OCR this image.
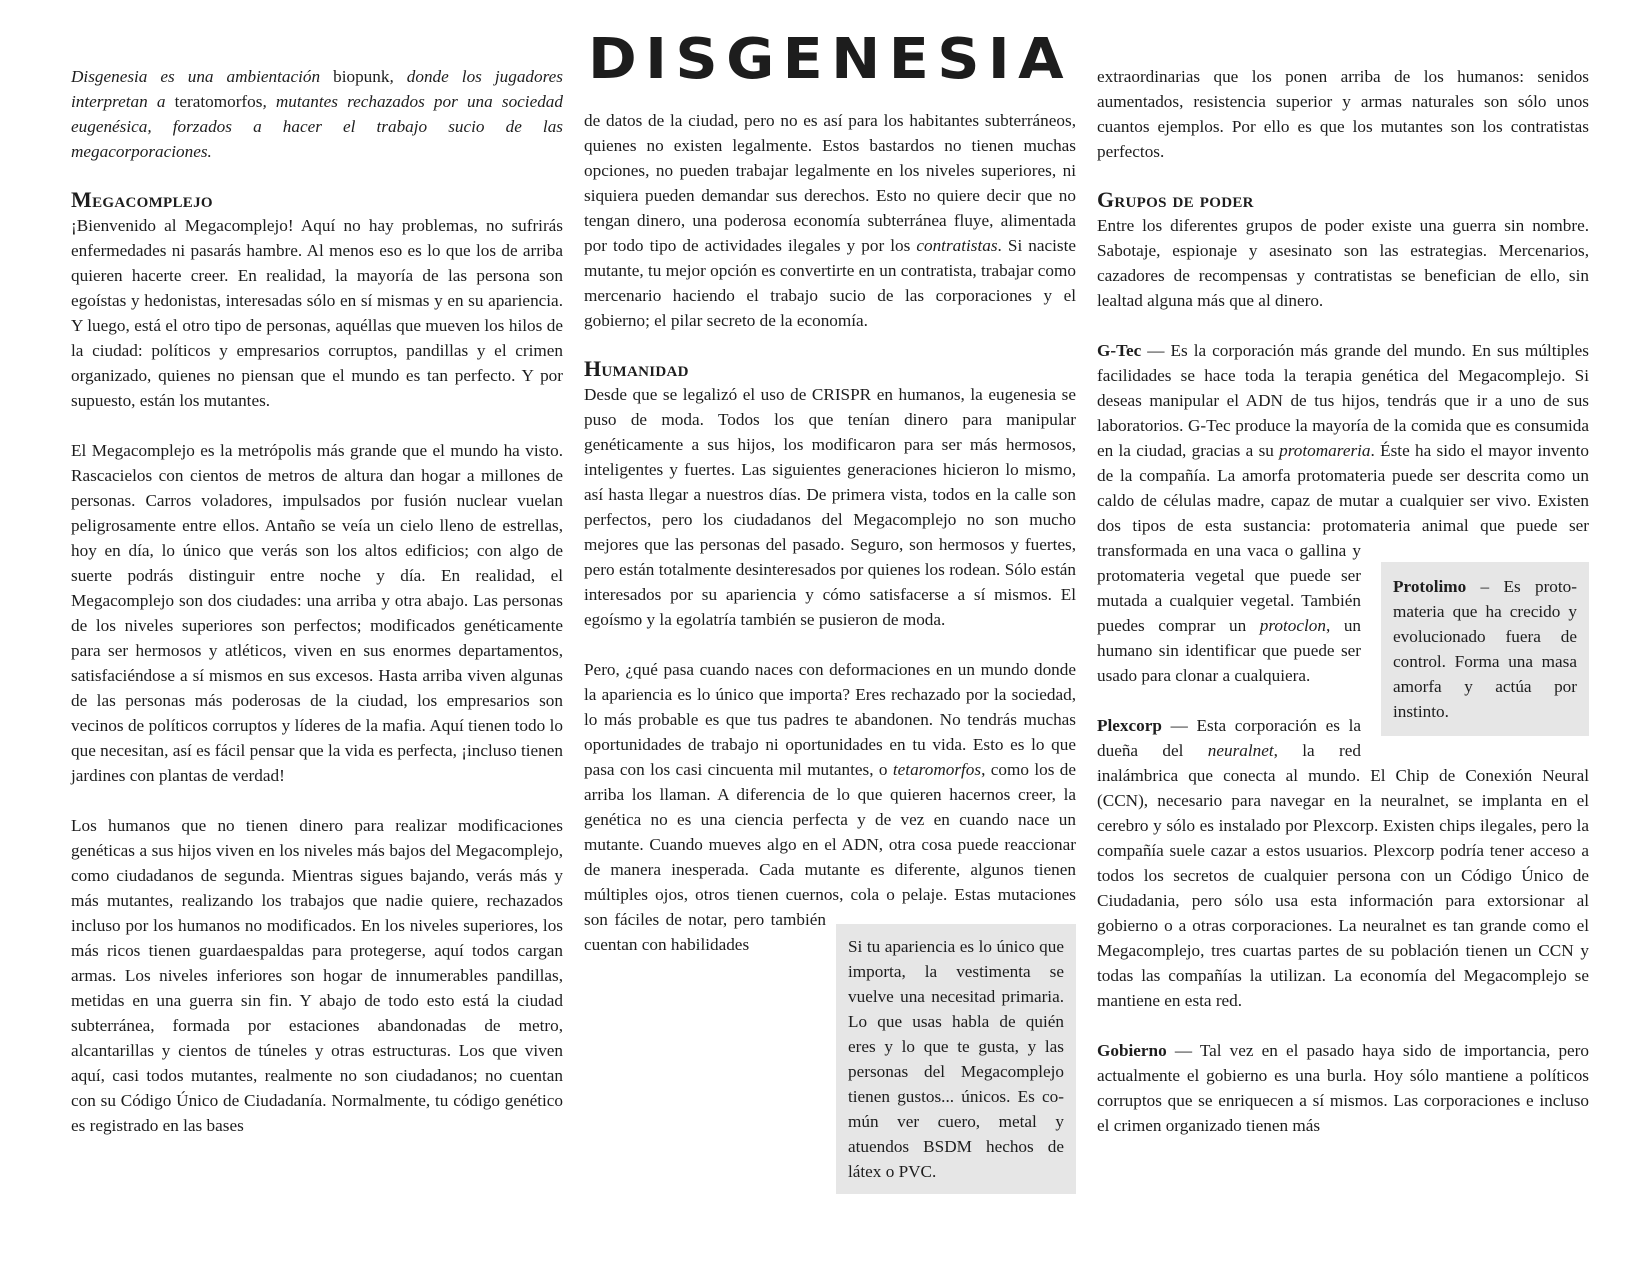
DISGENESIA

Disgenesia es una ambientación biopunk, donde los jugadores interpretan a teratomorfos, mutantes rechazados por una sociedad eugenésica, forzados a hacer el trabajo sucio de las megacorporaciones.

Megacomplejo

¡Bienvenido al Megacomplejo! Aquí no hay problemas, no sufrirás enfermedades ni pasarás hambre. Al menos eso es lo que los de arriba quieren hacerte creer. En realidad, la mayoría de las persona son egoístas y hedonistas, interesadas sólo en sí mismas y en su apariencia. Y luego, está el otro tipo de personas, aquéllas que mueven los hilos de la ciudad: políticos y empresarios corruptos, pandillas y el crimen organizado, quienes no piensan que el mundo es tan perfecto. Y por supuesto, están los mutantes.

El Megacomplejo es la metrópolis más grande que el mundo ha visto. Rascacielos con cientos de metros de altura dan hogar a millones de personas. Carros voladores, impulsados por fusión nuclear vuelan peligrosamente entre ellos. Antaño se veía un cielo lleno de estrellas, hoy en día, lo único que verás son los altos edificios; con algo de suerte podrás distinguir entre noche y día. En realidad, el Megacomplejo son dos ciudades: una arriba y otra abajo. Las personas de los niveles superiores son perfectos; modificados genéticamente para ser hermosos y atléticos, viven en sus enormes departamentos, satisfaciéndose a sí mismos en sus excesos. Hasta arriba viven algunas de las personas más poderosas de la ciudad, los empresarios son vecinos de políticos corruptos y líderes de la mafia. Aquí tienen todo lo que necesitan, así es fácil pensar que la vida es perfecta, ¡incluso tienen jardines con plantas de verdad!

Los humanos que no tienen dinero para realizar modificaciones genéticas a sus hijos viven en los niveles más bajos del Megacomplejo, como ciudadanos de segunda. Mientras sigues bajando, verás más y más mutantes, realizando los trabajos que nadie quiere, rechazados incluso por los humanos no modificados. En los niveles superiores, los más ricos tienen guardaespaldas para protegerse, aquí todos cargan armas. Los niveles inferiores son hogar de innumerables pandillas, metidas en una guerra sin fin. Y abajo de todo esto está la ciudad subterránea, formada por estaciones abandonadas de metro, alcantarillas y cientos de túneles y otras estructuras. Los que viven aquí, casi todos mutantes, realmente no son ciudadanos; no cuentan con su Código Único de Ciudadanía. Normalmente, tu código genético es registrado en las bases

de datos de la ciudad, pero no es así para los habitantes subterráneos, quienes no existen legalmente. Estos bastardos no tienen muchas opciones, no pueden trabajar legalmente en los niveles superiores, ni siquiera pueden demandar sus derechos. Esto no quiere decir que no tengan dinero, una poderosa economía subterránea fluye, alimentada por todo tipo de actividades ilegales y por los contratistas. Si naciste mutante, tu mejor opción es convertirte en un contratista, trabajar como mercenario haciendo el trabajo sucio de las corporaciones y el gobierno; el pilar secreto de la economía.

Humanidad

Desde que se legalizó el uso de CRISPR en humanos, la eugenesia se puso de moda. Todos los que tenían dinero para manipular genéticamente a sus hijos, los modificaron para ser más hermosos, inteligentes y fuertes. Las siguientes generaciones hicieron lo mismo, así hasta llegar a nuestros días. De primera vista, todos en la calle son perfectos, pero los ciudadanos del Megacomplejo no son mucho mejores que las personas del pasado. Seguro, son hermosos y fuertes, pero están totalmente desinteresados por quienes los rodean. Sólo están interesados por su apariencia y cómo satisfacerse a sí mismos. El egoísmo y la egolatría también se pusieron de moda.

Pero, ¿qué pasa cuando naces con deformaciones en un mundo donde la apariencia es lo único que importa? Eres rechazado por la sociedad, lo más probable es que tus padres te abandonen. No tendrás muchas oportunidades de trabajo ni oportunidades en tu vida. Esto es lo que pasa con los casi cincuenta mil mutantes, o tetaromorfos, como los de arriba los llaman. A diferencia de lo que quieren hacernos creer, la genética no es una ciencia perfecta y de vez en cuando nace un mutante. Cuando mueves algo en el ADN, otra cosa puede reaccionar de manera inesperada. Cada mutante es diferente, algunos tienen múltiples ojos, otros tienen cuernos, cola o pelaje. Estas mutaciones son fáciles de notar, pero también cuentan con habilidades	Si tu apariencia es lo único que importa, la vestimenta se vuelve una necesitad primaria. Lo que usas habla de quién eres y lo que te gusta, y las personas del Megacomplejo tienen gustos... únicos. Es común ver cuero, metal y atuendos BSDM hechos de látex o PVC.

extraordinarias que los ponen arriba de los humanos: senidos aumentados, resistencia superior y armas naturales son sólo unos cuantos ejemplos. Por ello es que los mutantes son los contratistas perfectos.

Grupos de poder

Entre los diferentes grupos de poder existe una guerra sin nombre. Sabotaje, espionaje y asesinato son las estrategias. Mercenarios, cazadores de recompensas y contratistas se benefician de ello, sin lealtad alguna más que al dinero.

G-Tec — Es la corporación más grande del mundo. En sus múltiples facilidades se hace toda la terapia genética del Megacomplejo. Si deseas manipular el ADN de tus hijos, tendrás que ir a uno de sus laboratorios. G-Tec produce la mayoría de la comida que es consumida en la ciudad, gracias a su protomareria. Éste ha sido el mayor invento de la compañía. La amorfa protomateria puede ser descrita como un caldo de células madre, capaz de mutar a cualquier ser vivo. Existen dos tipos de esta sustancia: protomateria animal que puede ser transformada en una vaca o gallina y protomateria vegetal que puede ser mutada a cualquier vegetal. También puedes comprar un protoclon, un humano sin identificar que puede ser usado para clonar a cualquiera.

Plexcorp — Esta corporación es la dueña del neuralnet, la red inalámbrica que conecta al mundo. El Chip de Conexión Neural (CCN), necesario para navegar en la neuralnet, se implanta en el cerebro y sólo es instalado por Plexcorp. Existen chips ilegales, pero la compañía suele cazar a estos usuarios. Plexcorp podría tener acceso a todos los secretos de cualquier persona con un Código Único de Ciudadania, pero sólo usa esta información para extorsionar al gobierno o a otras corporaciones. La neuralnet es tan grande como el Megacomplejo, tres cuartas partes de su población tienen un CCN y todas las compañías la utilizan. La economía del Megacomplejo se mantiene en esta red.

Gobierno — Tal vez en el pasado haya sido de importancia, pero actualmente el gobierno es una burla. Hoy sólo mantiene a políticos corruptos que se enriquecen a sí mismos. Las corporaciones e incluso el crimen organizado tienen más

Protolimo – Es protomateria que ha crecido y evolucionado fuera de control. Forma una masa amorfa y actúa por instinto.
